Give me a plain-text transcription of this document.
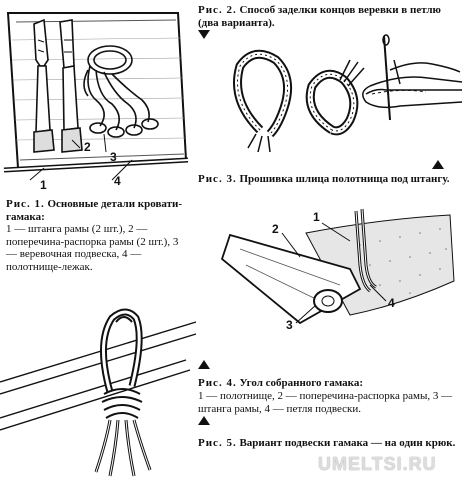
1
2
3
4
Рис. 1. Основные детали кровати-гамака:
1 — штанга рамы (2 шт.), 2 — поперечина-распорка рамы (2 шт.), 3 — веревочная подвеска, 4 — полотнище-лежак.
Рис. 2. Способ заделки концов веревки в петлю (два варианта).
Рис. 3. Прошивка шлица полотнища под штангу.
1
2
3
4
Рис. 4. Угол собранного гамака:
1 — полотнище, 2 — поперечина-распорка рамы, 3 — штанга рамы, 4 — петля подвески.
Рис. 5. Вариант подвески гамака — на один крюк.
UMELTSI.RU
